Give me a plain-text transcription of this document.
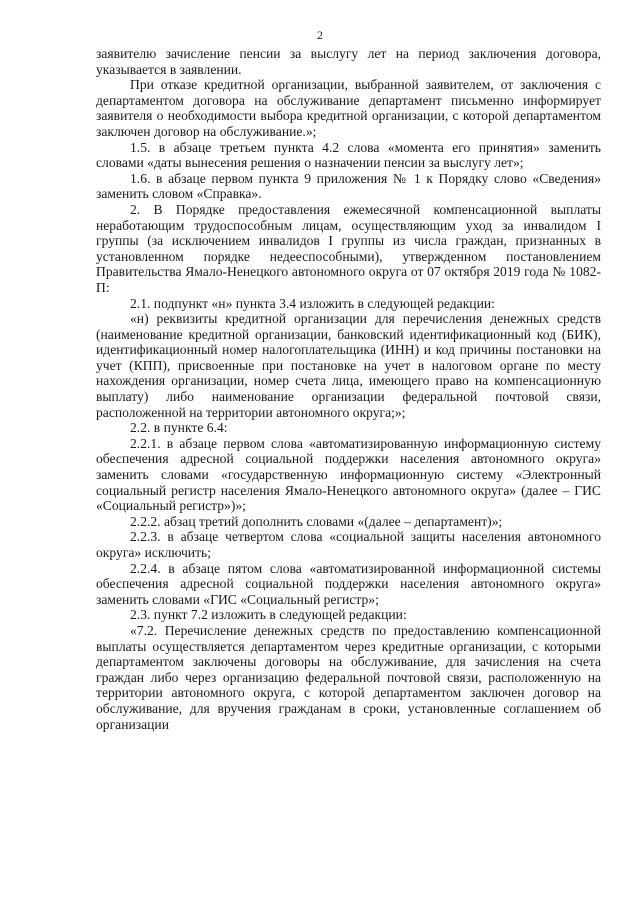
2

заявителю зачисление пенсии за выслугу лет на период заключения договора, указывается в заявлении.

При отказе кредитной организации, выбранной заявителем, от заключения с департаментом договора на обслуживание департамент письменно информирует заявителя о необходимости выбора кредитной организации, с которой департаментом заключен договор на обслуживание.»;

1.5. в абзаце третьем пункта 4.2 слова «момента его принятия» заменить словами «даты вынесения решения о назначении пенсии за выслугу лет»;

1.6. в абзаце первом пункта 9 приложения № 1 к Порядку слово «Сведения» заменить словом «Справка».

2. В Порядке предоставления ежемесячной компенсационной выплаты неработающим трудоспособным лицам, осуществляющим уход за инвалидом I группы (за исключением инвалидов I группы из числа граждан, признанных в установленном порядке недееспособными), утвержденном постановлением Правительства Ямало-Ненецкого автономного округа от 07 октября 2019 года № 1082-П:

2.1. подпункт «н» пункта 3.4 изложить в следующей редакции:

«н) реквизиты кредитной организации для перечисления денежных средств (наименование кредитной организации, банковский идентификационный код (БИК), идентификационный номер налогоплательщика (ИНН) и код причины постановки на учет (КПП), присвоенные при постановке на учет в налоговом органе по месту нахождения организации, номер счета лица, имеющего право на компенсационную выплату) либо наименование организации федеральной почтовой связи, расположенной на территории автономного округа;»;

2.2. в пункте 6.4:

2.2.1. в абзаце первом слова «автоматизированную информационную систему обеспечения адресной социальной поддержки населения автономного округа» заменить словами «государственную информационную систему «Электронный социальный регистр населения Ямало-Ненецкого автономного округа» (далее – ГИС «Социальный регистр»)»;

2.2.2. абзац третий дополнить словами «(далее – департамент)»;

2.2.3. в абзаце четвертом слова «социальной защиты населения автономного округа» исключить;

2.2.4. в абзаце пятом слова «автоматизированной информационной системы обеспечения адресной социальной поддержки населения автономного округа» заменить словами «ГИС «Социальный регистр»;

2.3. пункт 7.2 изложить в следующей редакции:

«7.2. Перечисление денежных средств по предоставлению компенсационной выплаты осуществляется департаментом через кредитные организации, с которыми департаментом заключены договоры на обслуживание, для зачисления на счета граждан либо через организацию федеральной почтовой связи, расположенную на территории автономного округа, с которой департаментом заключен договор на обслуживание, для вручения гражданам в сроки, установленные соглашением об организации
